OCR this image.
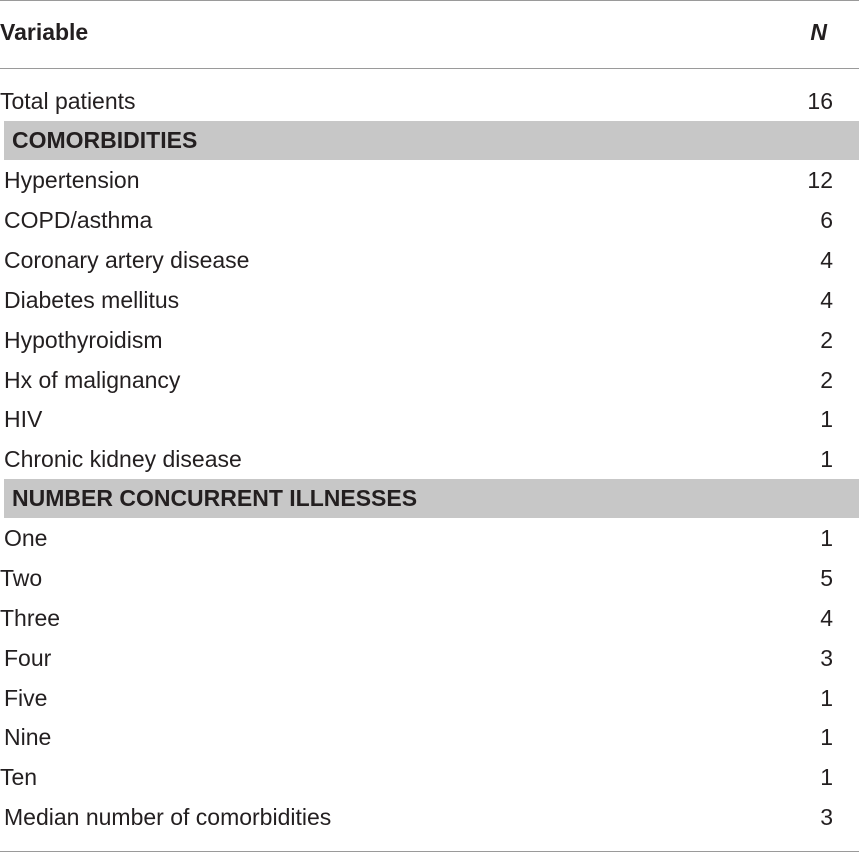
Variable	N
Total patients	16
COMORBIDITIES
Hypertension	12
COPD/asthma	6
Coronary artery disease	4
Diabetes mellitus	4
Hypothyroidism	2
Hx of malignancy	2
HIV	1
Chronic kidney disease	1
NUMBER CONCURRENT ILLNESSES
One	1
Two	5
Three	4
Four	3
Five	1
Nine	1
Ten	1
Median number of comorbidities	3
